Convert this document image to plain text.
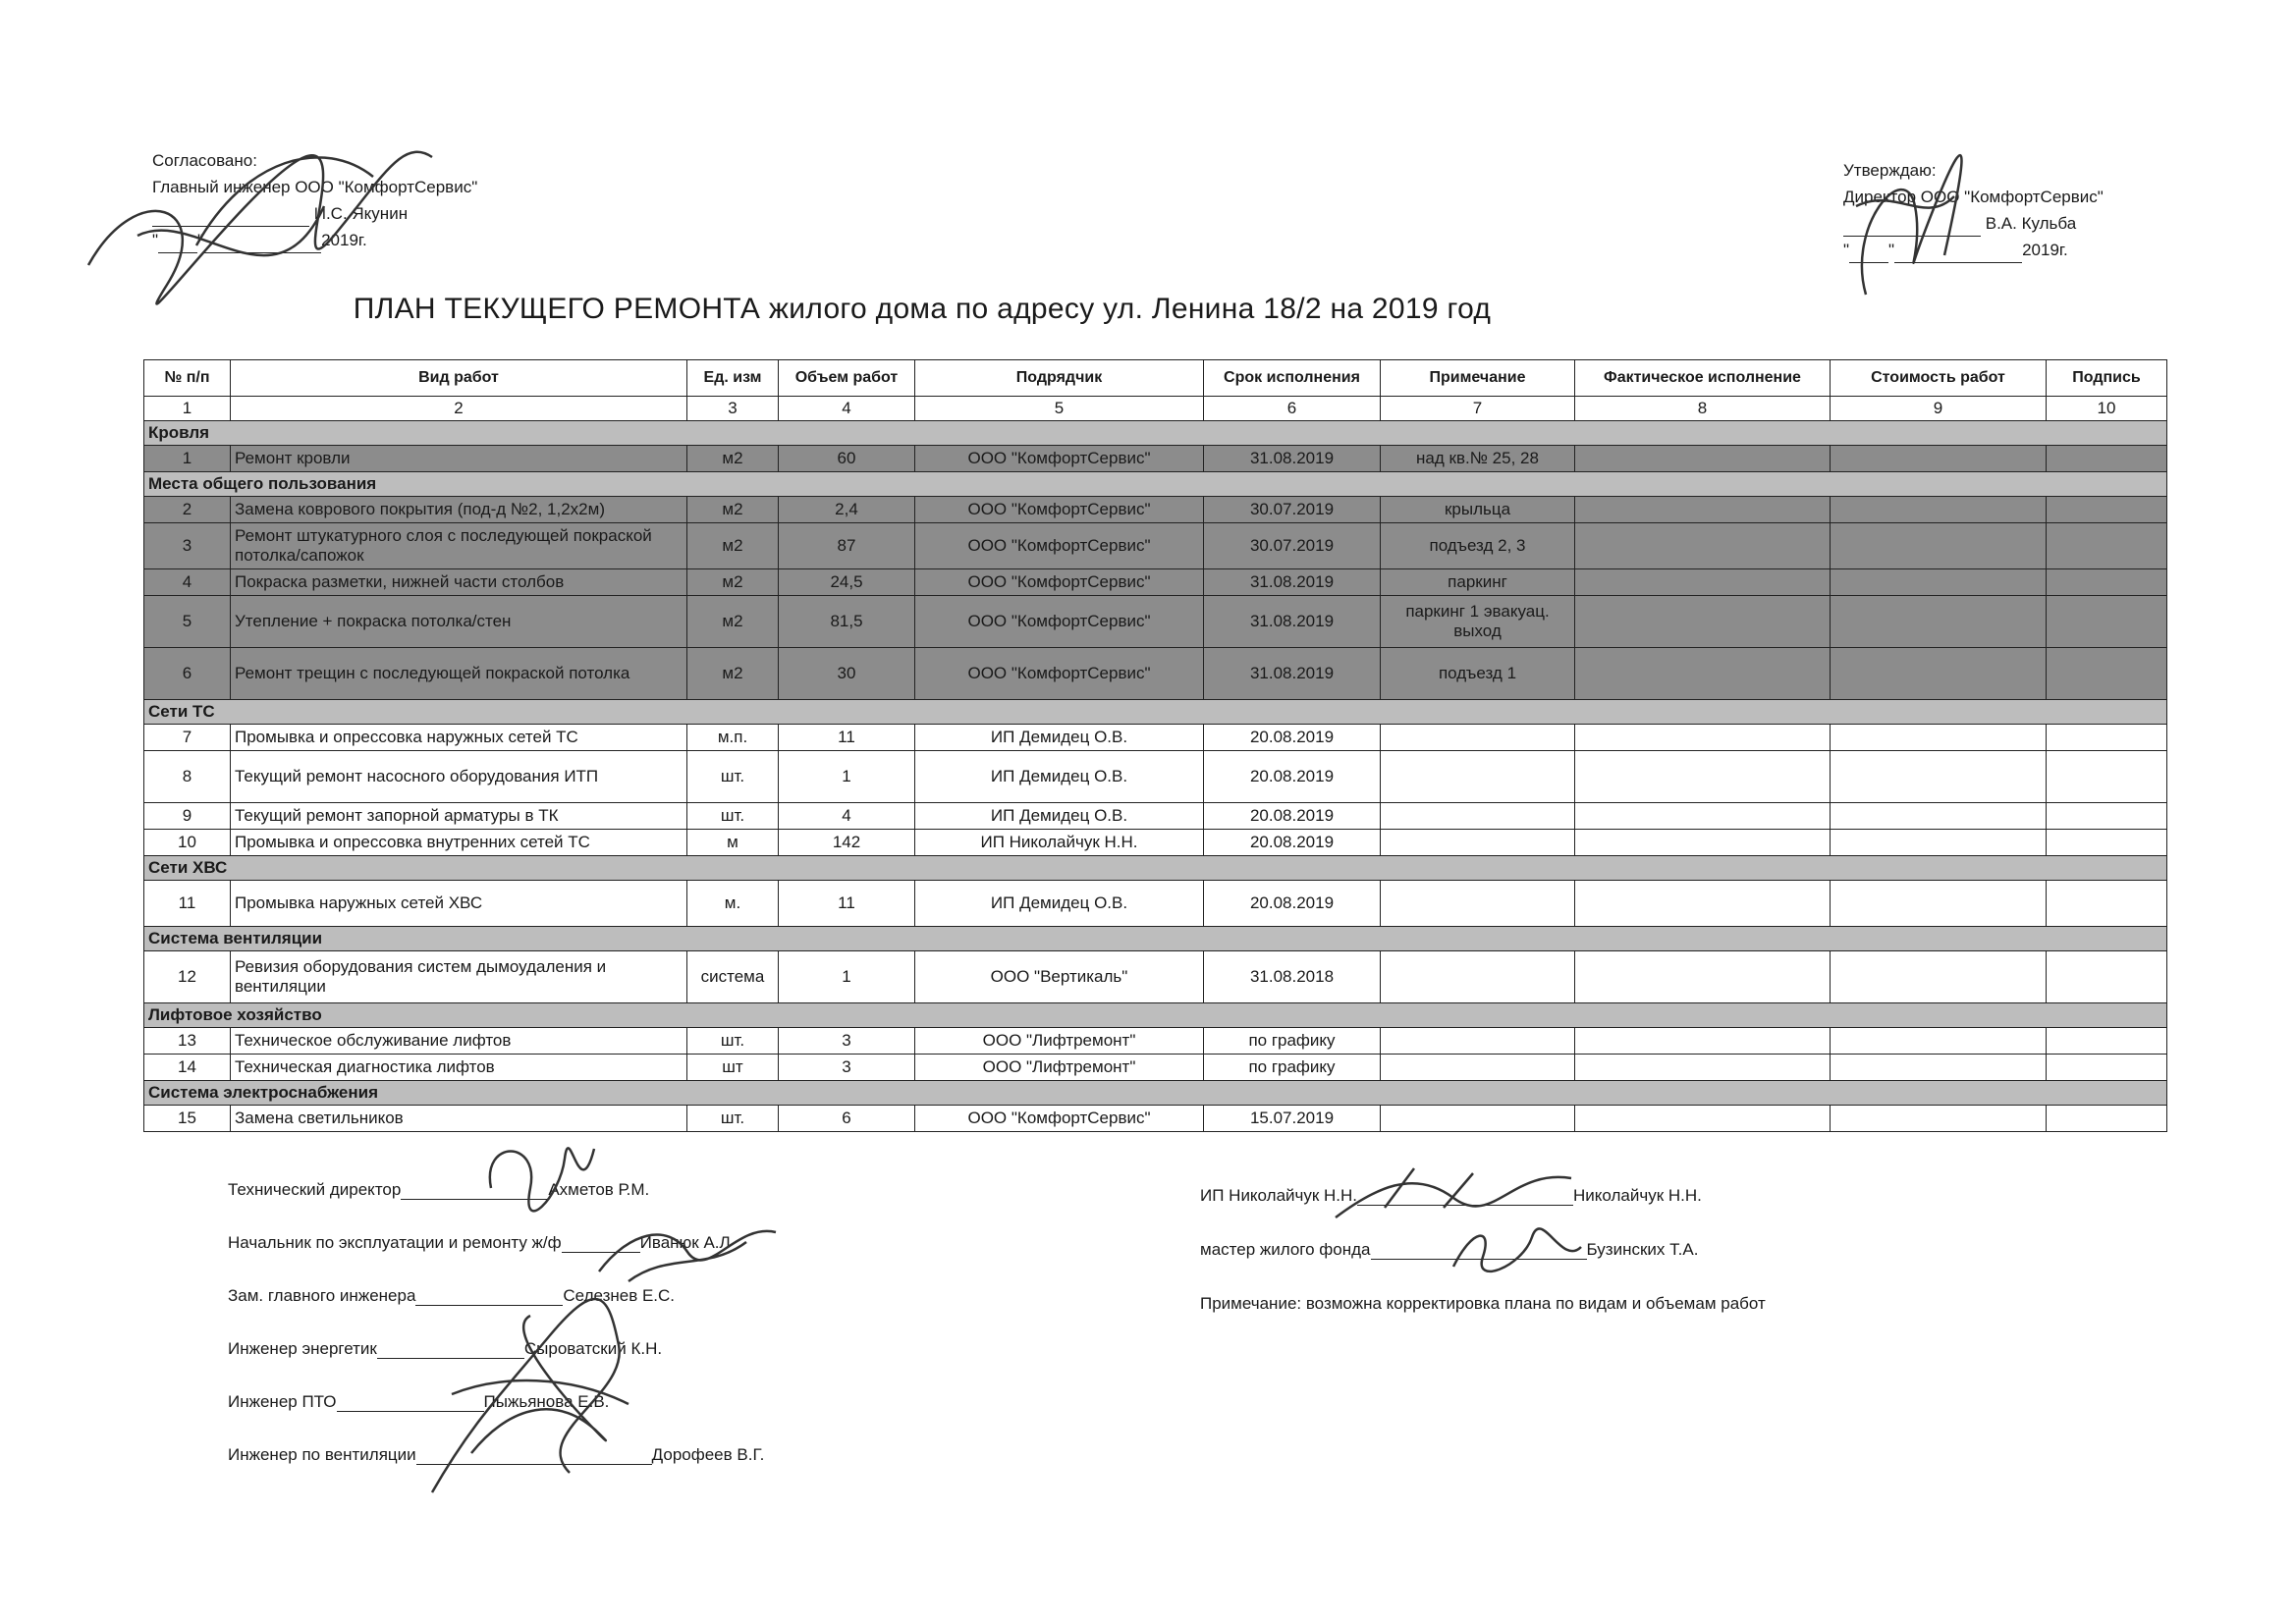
Согласовано:
Главный инженер ООО "КомфортСервис"
И.С. Якунин
" "	2019г.
Утверждаю:
Директор ООО "КомфортСервис"
В.А. Кульба
" "	2019г.
ПЛАН ТЕКУЩЕГО РЕМОНТА жилого дома по адресу ул. Ленина 18/2 на 2019 год
№ п/п	Вид работ	Ед. изм	Объем работ	Подрядчик	Срок исполнения	Примечание	Фактическое исполнение	Стоимость работ	Подпись
1	2	3	4	5	6	7	8	9	10
Кровля									
1	Ремонт кровли	м2	60	ООО "КомфортСервис"	31.08.2019	над кв.№ 25, 28			
Места общего пользования									
2	Замена коврового покрытия (под-д №2, 1,2х2м)	м2	2,4	ООО "КомфортСервис"	30.07.2019	крыльца			
3	Ремонт штукатурного слоя с последующей покраской потолка/сапожок	м2	87	ООО "КомфортСервис"	30.07.2019	подъезд 2, 3			
4	Покраска разметки, нижней части столбов	м2	24,5	ООО "КомфортСервис"	31.08.2019	паркинг			
5	Утепление + покраска потолка/стен	м2	81,5	ООО "КомфортСервис"	31.08.2019	паркинг 1 эвакуац. выход			
6	Ремонт трещин с последующей покраской потолка	м2	30	ООО "КомфортСервис"	31.08.2019	подъезд 1			
Сети ТС									
7	Промывка и опрессовка наружных сетей ТС	м.п.	11	ИП Демидец О.В.	20.08.2019				
8	Текущий ремонт насосного оборудования ИТП	шт.	1	ИП Демидец О.В.	20.08.2019				
9	Текущий ремонт запорной арматуры в ТК	шт.	4	ИП Демидец О.В.	20.08.2019				
10	Промывка и опрессовка внутренних сетей ТС	м	142	ИП Николайчук Н.Н.	20.08.2019				
Сети ХВС									
11	Промывка наружных сетей ХВС	м.	11	ИП Демидец О.В.	20.08.2019				
Система вентиляции									
12	Ревизия оборудования систем дымоудаления и вентиляции	система	1	ООО "Вертикаль"	31.08.2018				
Лифтовое хозяйство									
13	Техническое обслуживание лифтов	шт.	3	ООО "Лифтремонт"	по графику				
14	Техническая диагностика лифтов	шт	3	ООО "Лифтремонт"	по графику				
Система электроснабжения									
15	Замена светильников	шт.	6	ООО "КомфортСервис"	15.07.2019				
Технический директор	Ахметов Р.М.
Начальник по эксплуатации и ремонту ж/ф	Иванюк А.Л
Зам. главного инженера	Селезнев Е.С.
Инженер энергетик	Сыроватский К.Н.
Инженер ПТО	Пыжьянова Е.В.
Инженер по вентиляции	Дорофеев В.Г.
ИП Николайчук Н.Н.	Николайчук Н.Н.
мастер жилого фонда	Бузинских Т.А.
Примечание: возможна корректировка плана по видам и объемам работ
